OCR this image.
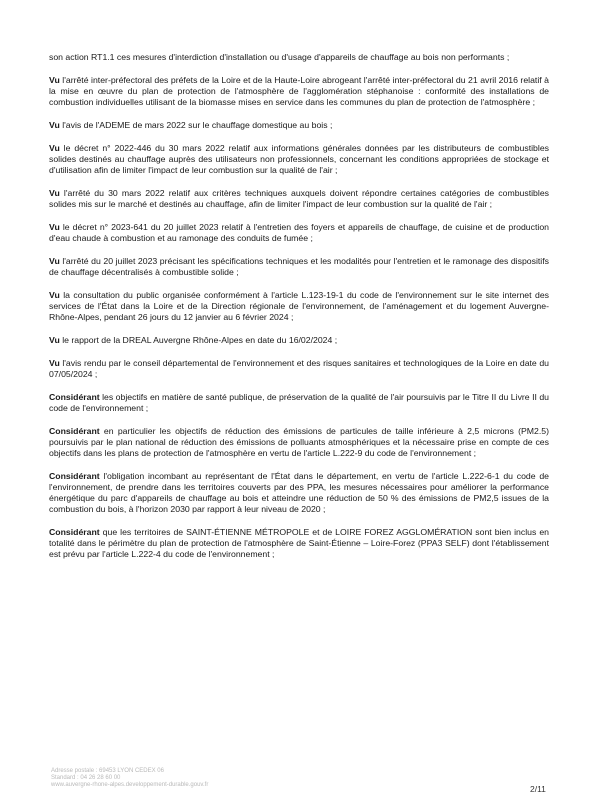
son action RT1.1 ces mesures d'interdiction d'installation ou d'usage d'appareils de chauffage au bois non performants ;

Vu l'arrêté inter-préfectoral des préfets de la Loire et de la Haute-Loire abrogeant l'arrêté inter-préfectoral du 21 avril 2016 relatif à la mise en œuvre du plan de protection de l'atmosphère de l'agglomération stéphanoise : conformité des installations de combustion individuelles utilisant de la biomasse mises en service dans les communes du plan de protection de l'atmosphère ;

Vu l'avis de l'ADEME de mars 2022 sur le chauffage domestique au bois ;

Vu le décret n° 2022-446 du 30 mars 2022 relatif aux informations générales données par les distributeurs de combustibles solides destinés au chauffage auprès des utilisateurs non professionnels, concernant les conditions appropriées de stockage et d'utilisation afin de limiter l'impact de leur combustion sur la qualité de l'air ;

Vu l'arrêté du 30 mars 2022 relatif aux critères techniques auxquels doivent répondre certaines catégories de combustibles solides mis sur le marché et destinés au chauffage, afin de limiter l'impact de leur combustion sur la qualité de l'air ;

Vu le décret n° 2023-641 du 20 juillet 2023 relatif à l'entretien des foyers et appareils de chauffage, de cuisine et de production d'eau chaude à combustion et au ramonage des conduits de fumée ;

Vu l'arrêté du 20 juillet 2023 précisant les spécifications techniques et les modalités pour l'entretien et le ramonage des dispositifs de chauffage décentralisés à combustible solide ;

Vu la consultation du public organisée conformément à l'article L.123-19-1 du code de l'environnement sur le site internet des services de l'État dans la Loire et de la Direction régionale de l'environnement, de l'aménagement et du logement Auvergne-Rhône-Alpes, pendant 26 jours du 12 janvier au 6 février 2024 ;

Vu le rapport de la DREAL Auvergne Rhône-Alpes en date du 16/02/2024 ;

Vu l'avis rendu par le conseil départemental de l'environnement et des risques sanitaires et technologiques de la Loire en date du 07/05/2024 ;

Considérant les objectifs en matière de santé publique, de préservation de la qualité de l'air poursuivis par le Titre II du Livre II du code de l'environnement ;

Considérant en particulier les objectifs de réduction des émissions de particules de taille inférieure à 2,5 microns (PM2.5) poursuivis par le plan national de réduction des émissions de polluants atmosphériques et la nécessaire prise en compte de ces objectifs dans les plans de protection de l'atmosphère en vertu de l'article L.222-9 du code de l'environnement ;

Considérant l'obligation incombant au représentant de l'État dans le département, en vertu de l'article L.222-6-1 du code de l'environnement, de prendre dans les territoires couverts par des PPA, les mesures nécessaires pour améliorer la performance énergétique du parc d'appareils de chauffage au bois et atteindre une réduction de 50 % des émissions de PM2,5 issues de la combustion du bois, à l'horizon 2030 par rapport à leur niveau de 2020 ;

Considérant que les territoires de SAINT-ÉTIENNE MÉTROPOLE et de LOIRE FOREZ AGGLOMÉRATION sont bien inclus en totalité dans le périmètre du plan de protection de l'atmosphère de Saint-Étienne – Loire-Forez (PPA3 SELF) dont l'établissement est prévu par l'article L.222-4 du code de l'environnement ;

Adresse postale : 69453 LYON CEDEX 06
Standard : 04 26 28 60 00
www.auvergne-rhone-alpes.developpement-durable.gouv.fr	2/11
